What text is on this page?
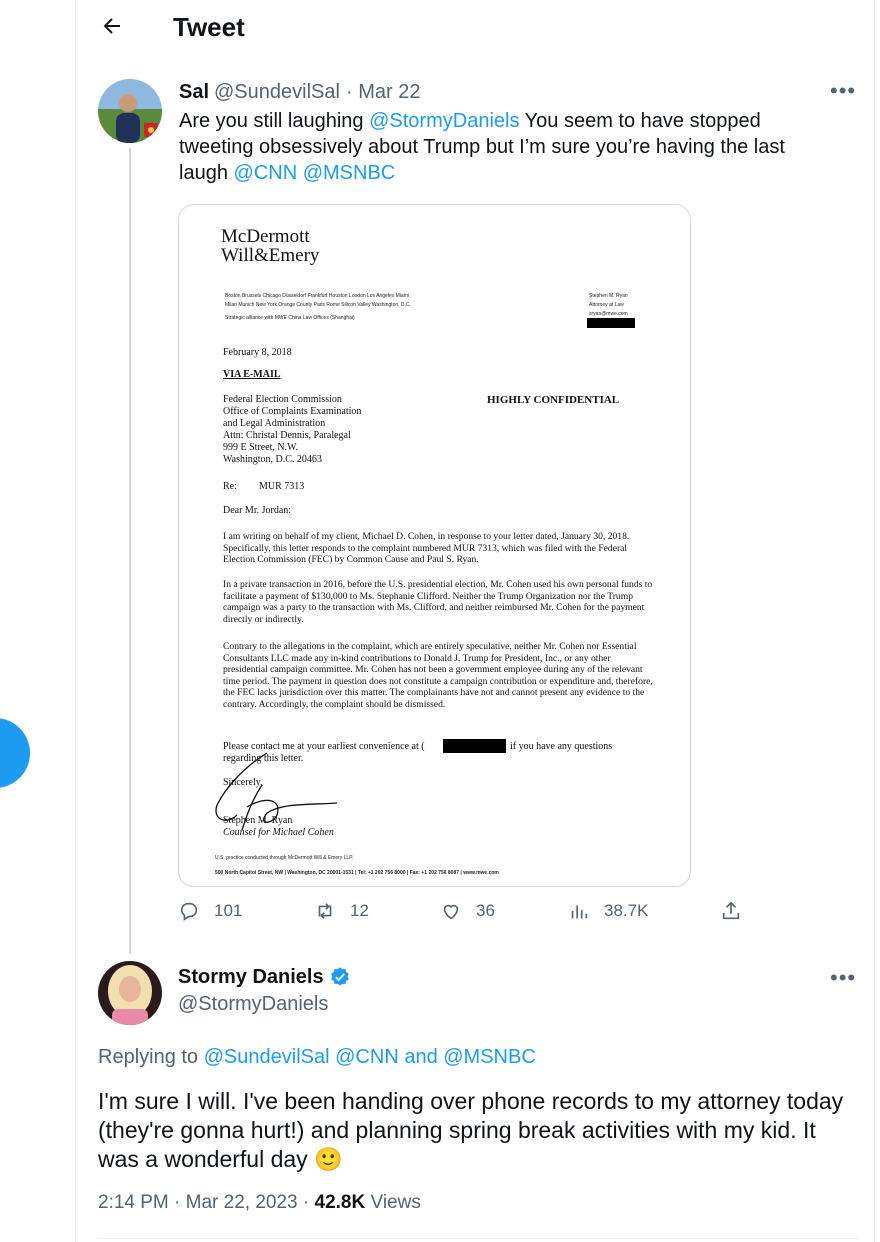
Tweet
Sal @SundevilSal · Mar 22	•••
Are you still laughing @StormyDaniels You seem to have stopped tweeting obsessively about Trump but I’m sure you’re having the last laugh @CNN @MSNBC
McDermott
Will&Emery
Boston Brussels Chicago Düsseldorf Frankfurt Houston London Los Angeles Miami
Milan Munich New York Orange County Paris Rome Silicon Valley Washington, D.C.
Strategic alliance with MWE China Law Offices (Shanghai)
Stephen M. Ryan
Attorney at Law
sryan@mwe.com
February 8, 2018
VIA E-MAIL
Federal Election Commission
Office of Complaints Examination
and Legal Administration
Attn: Christal Dennis, Paralegal
999 E Street, N.W.
Washington, D.C. 20463
HIGHLY CONFIDENTIAL
Re: MUR 7313
Dear Mr. Jordan:
I am writing on behalf of my client, Michael D. Cohen, in response to your letter dated, January 30, 2018. Specifically, this letter responds to the complaint numbered MUR 7313, which was filed with the Federal Election Commission (FEC) by Common Cause and Paul S. Ryan.
In a private transaction in 2016, before the U.S. presidential election, Mr. Cohen used his own personal funds to facilitate a payment of $130,000 to Ms. Stephanie Clifford. Neither the Trump Organization nor the Trump campaign was a party to the transaction with Ms. Clifford, and neither reimbursed Mr. Cohen for the payment directly or indirectly.
Contrary to the allegations in the complaint, which are entirely speculative, neither Mr. Cohen nor Essential Consultants LLC made any in-kind contributions to Donald J. Trump for President, Inc., or any other presidential campaign committee. Mr. Cohen has not been a government employee during any of the relevant time period. The payment in question does not constitute a campaign contribution or expenditure and, therefore, the FEC lacks jurisdiction over this matter. The complainants have not and cannot present any evidence to the contrary. Accordingly, the complaint should be dismissed.
Please contact me at your earliest convenience at (	if you have any questions
regarding this letter.
Sincerely,
Stephen M. Ryan
Counsel for Michael Cohen
U.S. practice conducted through McDermott Will & Emery LLP.
500 North Capitol Street, NW | Washington, DC 20001-1531 | Tel: +1 202 756 8000 | Fax: +1 202 756 8087 | www.mwe.com
101	12	36	38.7K
Stormy Daniels
@StormyDaniels
•••
Replying to @SundevilSal @CNN and @MSNBC
I'm sure I will. I've been handing over phone records to my attorney today (they're gonna hurt!) and planning spring break activities with my kid. It was a wonderful day 🙂
2:14 PM · Mar 22, 2023 · 42.8K Views
